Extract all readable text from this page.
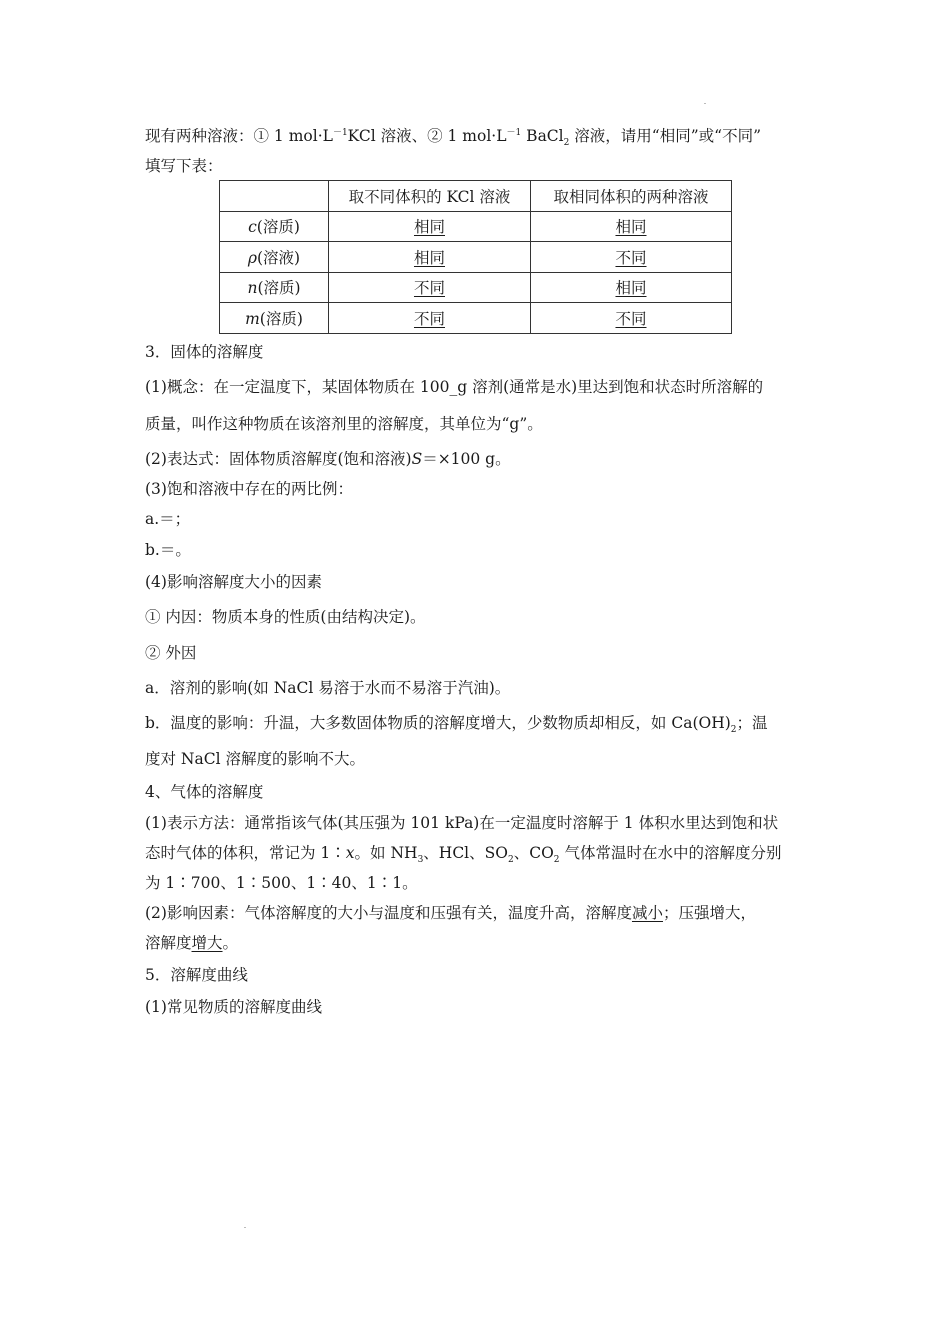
现有两种溶液：① 1 $mol\cdot L^{-1}KCl$ 溶液、② 1 $mol\cdot L^{-1}$ BaCl$_2$ 溶液，请用“相同”或“不同”
填写下表：
	取不同体积的 KCl 溶液	取相同体积的两种溶液
c(溶质)	相同	相同
ρ(溶液)	相同	不同
n(溶质)	不同	相同
m(溶质)	不同	不同
3．固体的溶解度
(1)概念：在一定温度下，某固体物质在 100_g 溶剂(通常是水)里达到饱和状态时所溶解的
质量，叫作这种物质在该溶剂里的溶解度，其单位为“g”。
(2)表达式：固体物质溶解度(饱和溶液)S＝×100 g。
(3)饱和溶液中存在的两比例：
a.＝；
b.＝。
(4)影响溶解度大小的因素
① 内因：物质本身的性质(由结构决定)。
② 外因
a．溶剂的影响(如 NaCl 易溶于水而不易溶于汽油)。
b．温度的影响：升温，大多数固体物质的溶解度增大，少数物质却相反，如 $Ca(OH)_2$；温
度对 NaCl 溶解度的影响不大。
4、气体的溶解度
(1)表示方法：通常指该气体(其压强为 101 kPa)在一定温度时溶解于 1 体积水里达到饱和状
态时气体的体积，常记为 1∶x。如 $NH_3$、HCl、$SO_2$、$CO_2$ 气体常温时在水中的溶解度分别
为 1∶700、1∶500、1∶40、1∶1。
(2)影响因素：气体溶解度的大小与温度和压强有关，温度升高，溶解度减小；压强增大，
溶解度增大。
5．溶解度曲线
(1)常见物质的溶解度曲线
